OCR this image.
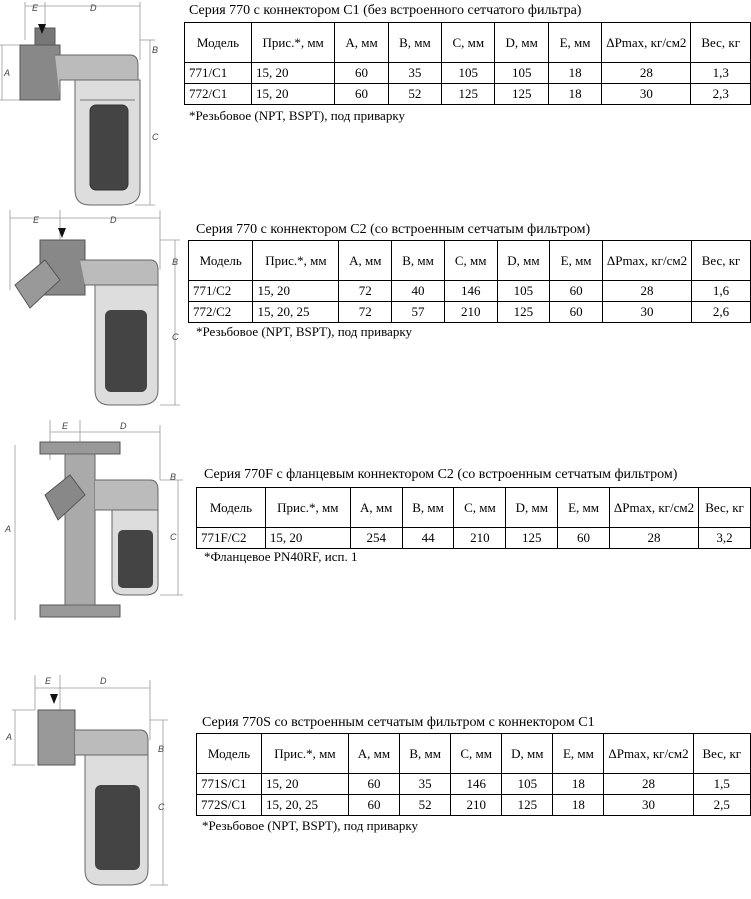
E	D
A
B
C
E	D
B
C
E	D
A
B
C
E	D
A
B
C
Серия 770 с коннектором С1 (без встроенного сетчатого фильтра)
Модель	Прис.*, мм	A, мм	B, мм	C, мм	D, мм	E, мм	ΔPmax, кг/см2	Вес, кг
771/C1	15, 20	60	35	105	105	18	28	1,3
772/C1	15, 20	60	52	125	125	18	30	2,3
*Резьбовое (NPT, BSPT), под приварку
Серия 770 с коннектором С2 (со встроенным сетчатым фильтром)
Модель	Прис.*, мм	A, мм	B, мм	C, мм	D, мм	E, мм	ΔPmax, кг/см2	Вес, кг
771/C2	15, 20	72	40	146	105	60	28	1,6
772/C2	15, 20, 25	72	57	210	125	60	30	2,6
*Резьбовое (NPT, BSPT), под приварку
Серия 770F с фланцевым коннектором С2 (со встроенным сетчатым фильтром)
Модель	Прис.*, мм	A, мм	B, мм	C, мм	D, мм	E, мм	ΔPmax, кг/см2	Вес, кг
771F/C2	15, 20	254	44	210	125	60	28	3,2
*Фланцевое PN40RF, исп. 1
Серия 770S со встроенным сетчатым фильтром с коннектором С1
Модель	Прис.*, мм	A, мм	B, мм	C, мм	D, мм	E, мм	ΔPmax, кг/см2	Вес, кг
771S/C1	15, 20	60	35	146	105	18	28	1,5
772S/C1	15, 20, 25	60	52	210	125	18	30	2,5
*Резьбовое (NPT, BSPT), под приварку
